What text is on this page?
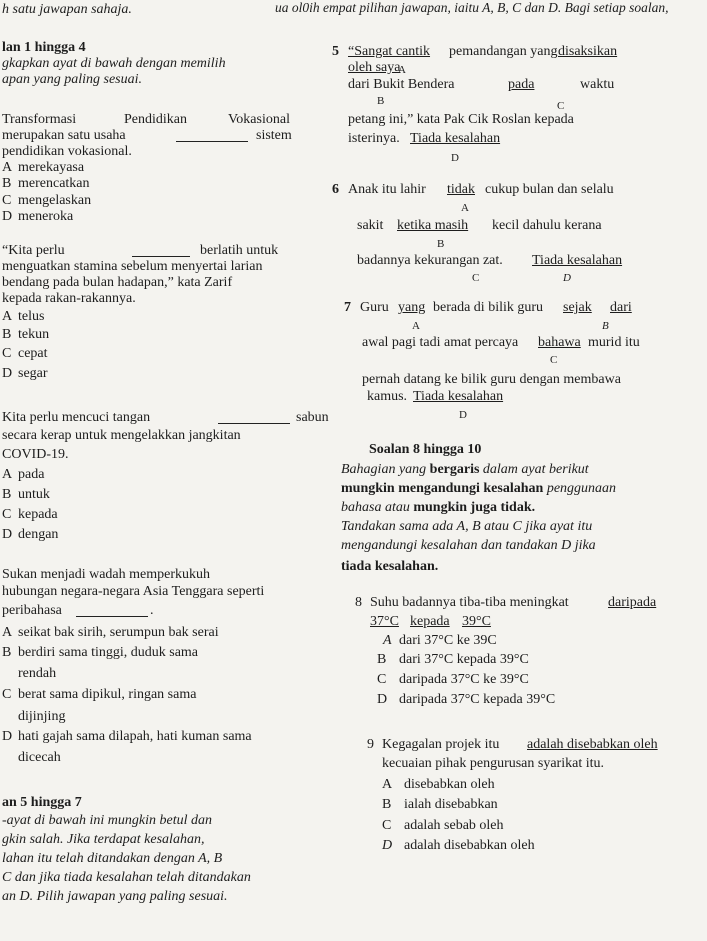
h satu jawapan sahaja.	ua ol0ih empat pilihan jawapan, iaitu A, B, C dan D. Bagi setiap soalan,
lan 1 hingga 4
gkapkan ayat di bawah dengan memilih
apan yang paling sesuai.
Transformasi	Pendidikan	Vokasional
merupakan satu usaha	sistem
pendidikan vokasional.
A merekayasa
B merencatkan
C mengelaskan
D meneroka
“Kita perlu	berlatih untuk
menguatkan stamina sebelum menyertai larian
bendang pada bulan hadapan,” kata Zarif
kepada rakan-rakannya.
A telus
B tekun
C cepat
D segar
Kita perlu mencuci tangan	sabun
secara kerap untuk mengelakkan jangkitan
COVID-19.
A pada
B untuk
C kepada
D dengan
Sukan menjadi wadah memperkukuh
hubungan negara-negara Asia Tenggara seperti
peribahasa	.
A seikat bak sirih, serumpun bak serai
B berdiri sama tinggi, duduk sama
rendah
C berat sama dipikul, ringan sama
dijinjing
D hati gajah sama dilapah, hati kuman sama
dicecah
an 5 hingga 7
-ayat di bawah ini mungkin betul dan
gkin salah. Jika terdapat kesalahan,
lahan itu telah ditandakan dengan A, B
C dan jika tiada kesalahan telah ditandakan
an D. Pilih jawapan yang paling sesuai.
5 “Sangat cantik pemandangan yang disaksikan
A
oleh saya
dari Bukit Bendera	pada	waktu
B	C
petang ini,” kata Pak Cik Roslan kepada
isterinya. Tiada kesalahan
D
6 Anak itu lahir tidak cukup bulan dan selalu
A
sakit ketika masih kecil dahulu kerana
B
badannya kekurangan zat. Tiada kesalahan
C	D
7 Guru yang berada di bilik guru sejak dari
A	B
awal pagi tadi amat percaya bahawa murid itu
C
pernah datang ke bilik guru dengan membawa
kamus. Tiada kesalahan
D
Soalan 8 hingga 10
Bahagian yang bergaris dalam ayat berikut
mungkin mengandungi kesalahan penggunaan
bahasa atau mungkin juga tidak.
Tandakan sama ada A, B atau C jika ayat itu
mengandungi kesalahan dan tandakan D jika
tiada kesalahan.
8 Suhu badannya tiba-tiba meningkat	daripada
37°C kepada 39°C
A dari 37°C ke 39C
B dari 37°C kepada 39°C
C daripada 37°C ke 39°C
D daripada 37°C kepada 39°C
9 Kegagalan projek itu adalah disebabkan oleh
kecuaian pihak pengurusan syarikat itu.
A disebabkan oleh
B ialah disebabkan
C adalah sebab oleh
D adalah disebabkan oleh
